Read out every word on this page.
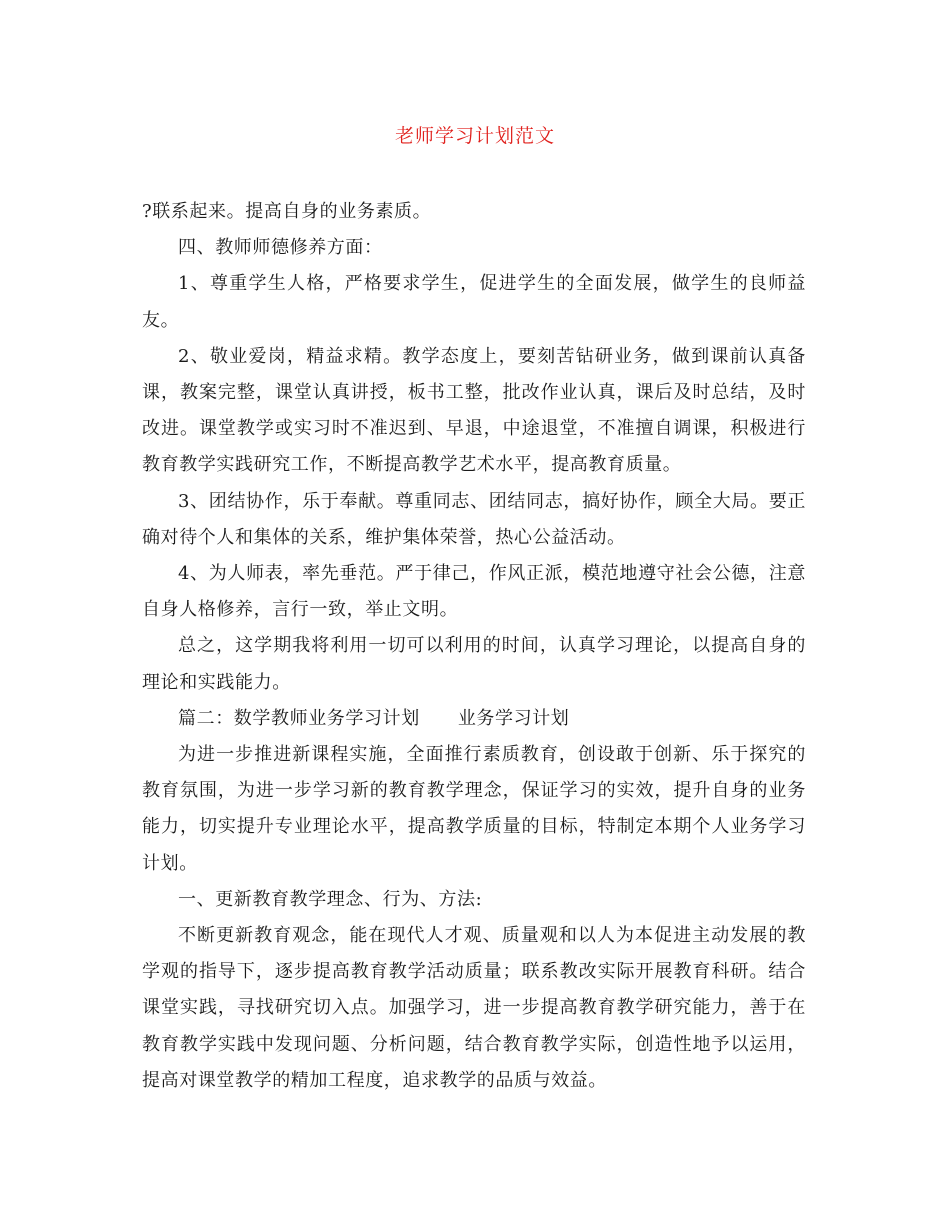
老师学习计划范文

?联系起来。提高自身的业务素质。

四、教师师德修养方面：

1、尊重学生人格，严格要求学生，促进学生的全面发展，做学生的良师益友。

2、敬业爱岗，精益求精。教学态度上，要刻苦钻研业务，做到课前认真备课，教案完整，课堂认真讲授，板书工整，批改作业认真，课后及时总结，及时改进。课堂教学或实习时不准迟到、早退，中途退堂，不准擅自调课，积极进行教育教学实践研究工作，不断提高教学艺术水平，提高教育质量。

3、团结协作，乐于奉献。尊重同志、团结同志，搞好协作，顾全大局。要正确对待个人和集体的关系，维护集体荣誉，热心公益活动。

4、为人师表，率先垂范。严于律己，作风正派，模范地遵守社会公德，注意自身人格修养，言行一致，举止文明。

总之，这学期我将利用一切可以利用的时间，认真学习理论，以提高自身的理论和实践能力。

篇二：数学教师业务学习计划 业务学习计划

为进一步推进新课程实施，全面推行素质教育，创设敢于创新、乐于探究的教育氛围，为进一步学习新的教育教学理念，保证学习的实效，提升自身的业务能力，切实提升专业理论水平，提高教学质量的目标，特制定本期个人业务学习计划。

一、更新教育教学理念、行为、方法:

不断更新教育观念，能在现代人才观、质量观和以人为本促进主动发展的教学观的指导下，逐步提高教育教学活动质量；联系教改实际开展教育科研。结合课堂实践，寻找研究切入点。加强学习，进一步提高教育教学研究能力，善于在教育教学实践中发现问题、分析问题，结合教育教学实际，创造性地予以运用，提高对课堂教学的精加工程度，追求教学的品质与效益。
